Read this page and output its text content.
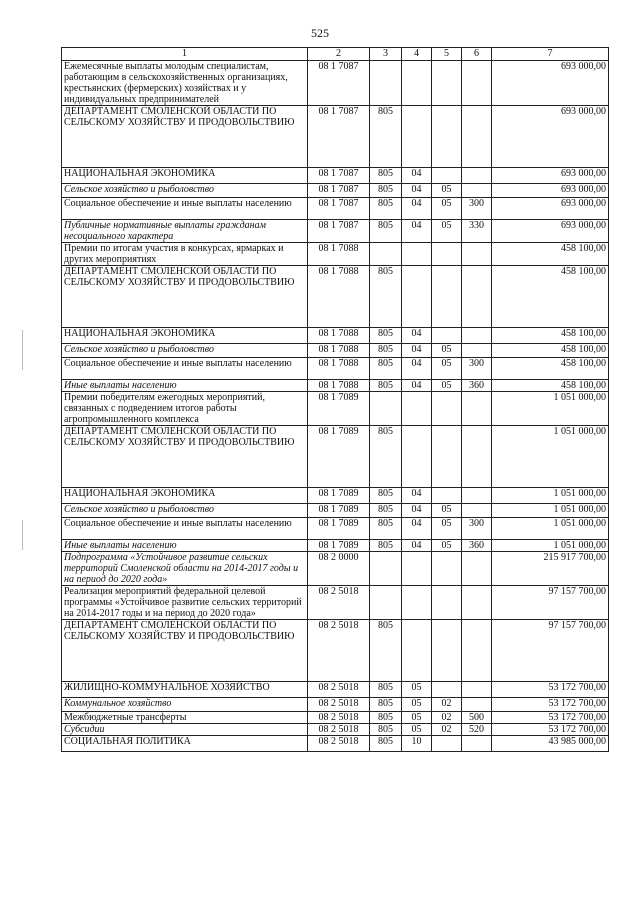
525
1	2	3	4	5	6	7
Ежемесячные выплаты молодым специалистам, работающим в сельскохозяйственных организациях, крестьянских (фермерских) хозяйствах и у индивидуальных предпринимателей	08 1 7087					693 000,00
ДЕПАРТАМЕНТ СМОЛЕНСКОЙ ОБЛАСТИ ПО СЕЛЬСКОМУ ХОЗЯЙСТВУ И ПРОДОВОЛЬСТВИЮ	08 1 7087	805				693 000,00
НАЦИОНАЛЬНАЯ ЭКОНОМИКА	08 1 7087	805	04			693 000,00
Сельское хозяйство и рыболовство	08 1 7087	805	04	05		693 000,00
Социальное обеспечение и иные выплаты населению	08 1 7087	805	04	05	300	693 000,00
Публичные нормативные выплаты гражданам несоциального характера	08 1 7087	805	04	05	330	693 000,00
Премии по итогам участия в конкурсах, ярмарках и других мероприятиях	08 1 7088					458 100,00
ДЕПАРТАМЕНТ СМОЛЕНСКОЙ ОБЛАСТИ ПО СЕЛЬСКОМУ ХОЗЯЙСТВУ И ПРОДОВОЛЬСТВИЮ	08 1 7088	805				458 100,00
НАЦИОНАЛЬНАЯ ЭКОНОМИКА	08 1 7088	805	04			458 100,00
Сельское хозяйство и рыболовство	08 1 7088	805	04	05		458 100,00
Социальное обеспечение и иные выплаты населению	08 1 7088	805	04	05	300	458 100,00
Иные выплаты населению	08 1 7088	805	04	05	360	458 100,00
Премии победителям ежегодных мероприятий, связанных с подведением итогов работы агропромышленного комплекса	08 1 7089					1 051 000,00
ДЕПАРТАМЕНТ СМОЛЕНСКОЙ ОБЛАСТИ ПО СЕЛЬСКОМУ ХОЗЯЙСТВУ И ПРОДОВОЛЬСТВИЮ	08 1 7089	805				1 051 000,00
НАЦИОНАЛЬНАЯ ЭКОНОМИКА	08 1 7089	805	04			1 051 000,00
Сельское хозяйство и рыболовство	08 1 7089	805	04	05		1 051 000,00
Социальное обеспечение и иные выплаты населению	08 1 7089	805	04	05	300	1 051 000,00
Иные выплаты населению	08 1 7089	805	04	05	360	1 051 000,00
Подпрограмма «Устойчивое развитие сельских территорий Смоленской области на 2014-2017 годы и на период до 2020 года»	08 2 0000					215 917 700,00
Реализация мероприятий федеральной целевой программы «Устойчивое развитие сельских территорий на 2014-2017 годы и на период до 2020 года»	08 2 5018					97 157 700,00
ДЕПАРТАМЕНТ СМОЛЕНСКОЙ ОБЛАСТИ ПО СЕЛЬСКОМУ ХОЗЯЙСТВУ И ПРОДОВОЛЬСТВИЮ	08 2 5018	805				97 157 700,00
ЖИЛИЩНО-КОММУНАЛЬНОЕ ХОЗЯЙСТВО	08 2 5018	805	05			53 172 700,00
Коммунальное хозяйство	08 2 5018	805	05	02		53 172 700,00
Межбюджетные трансферты	08 2 5018	805	05	02	500	53 172 700,00
Субсидии	08 2 5018	805	05	02	520	53 172 700,00
СОЦИАЛЬНАЯ ПОЛИТИКА	08 2 5018	805	10			43 985 000,00
